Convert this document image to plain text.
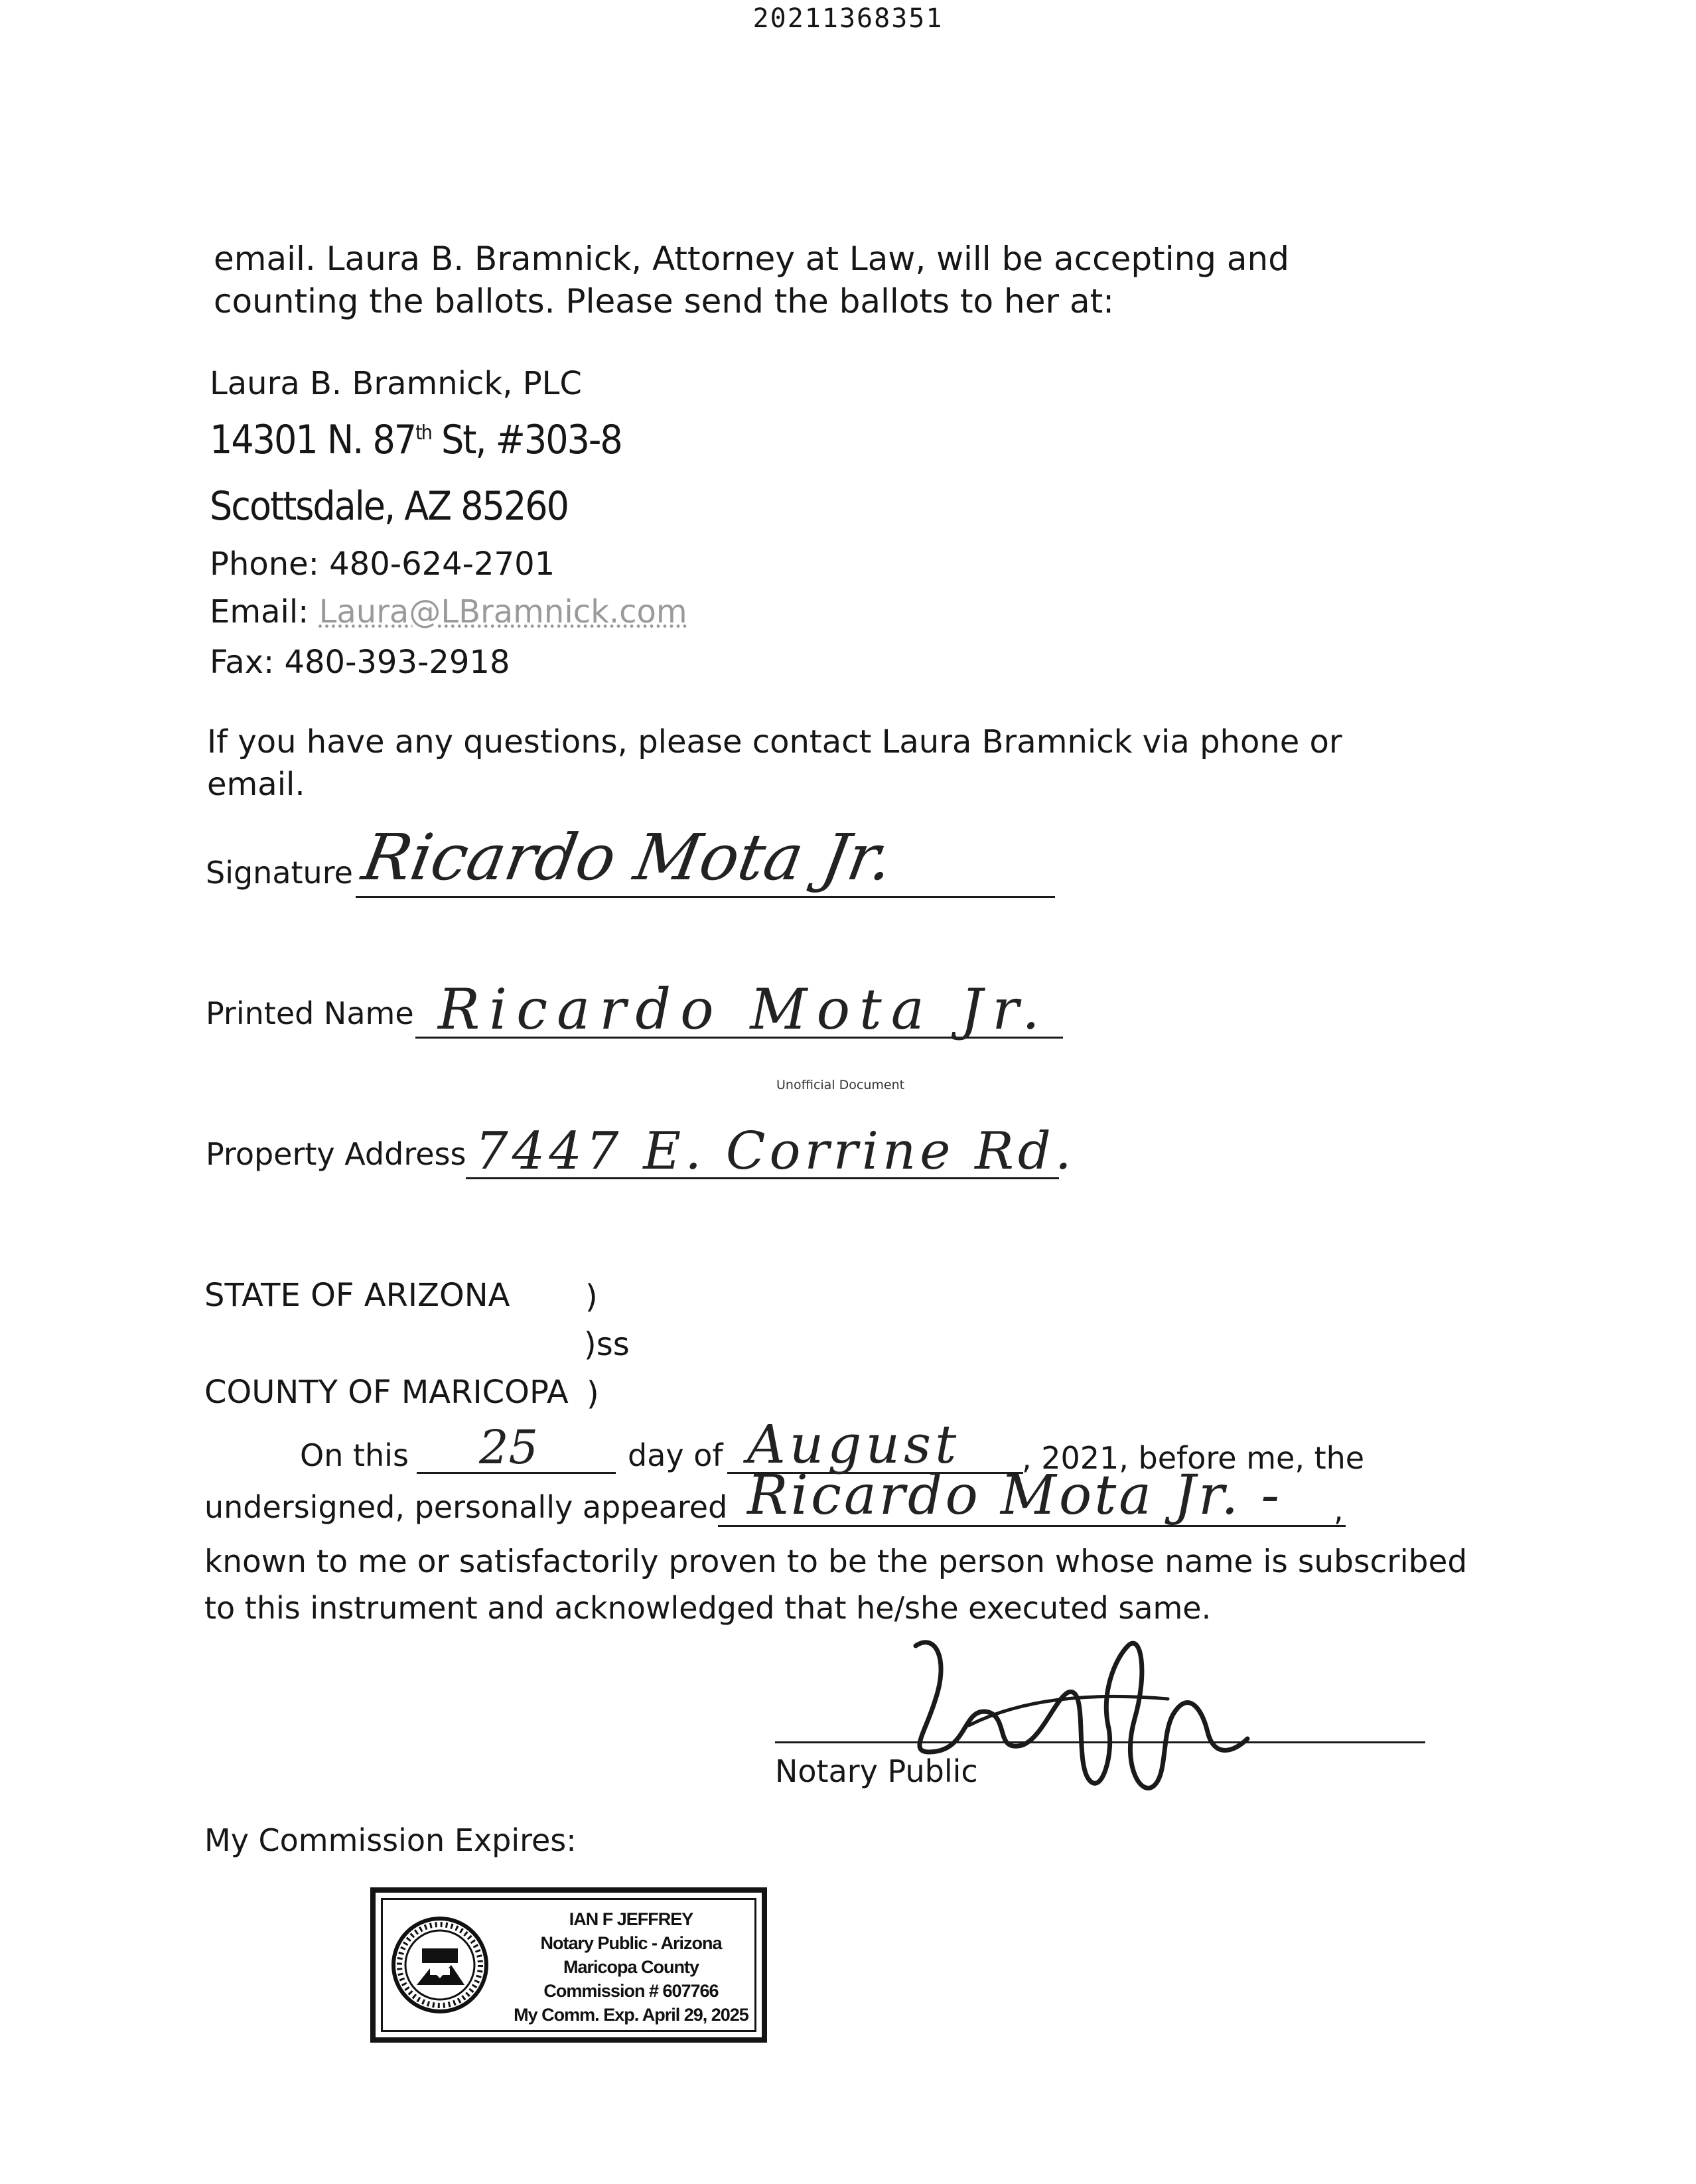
20211368351
email. Laura B. Bramnick, Attorney at Law, will be accepting and counting the ballots. Please send the ballots to her at:
Laura B. Bramnick, PLC
14301 N. 87th St, #303-8
Scottsdale, AZ 85260
Phone: 480-624-2701
Email: Laura@LBramnick.com
Fax: 480-393-2918
If you have any questions, please contact Laura Bramnick via phone or email.
Signature Ricardo Mota Jr.
Printed Name Ricardo Mota Jr.
Unofficial Document
Property Address 7447 E. Corrine Rd.
STATE OF ARIZONA )
)ss
COUNTY OF MARICOPA )
On this 25	day of August , 2021, before me, the
undersigned, personally appeared Ricardo Mota Jr. - ,
known to me or satisfactorily proven to be the person whose name is subscribed
to this instrument and acknowledged that he/she executed same.
Notary Public
My Commission Expires:
IAN F JEFFREY
Notary Public - Arizona
Maricopa County
Commission # 607766
My Comm. Exp. April 29, 2025
